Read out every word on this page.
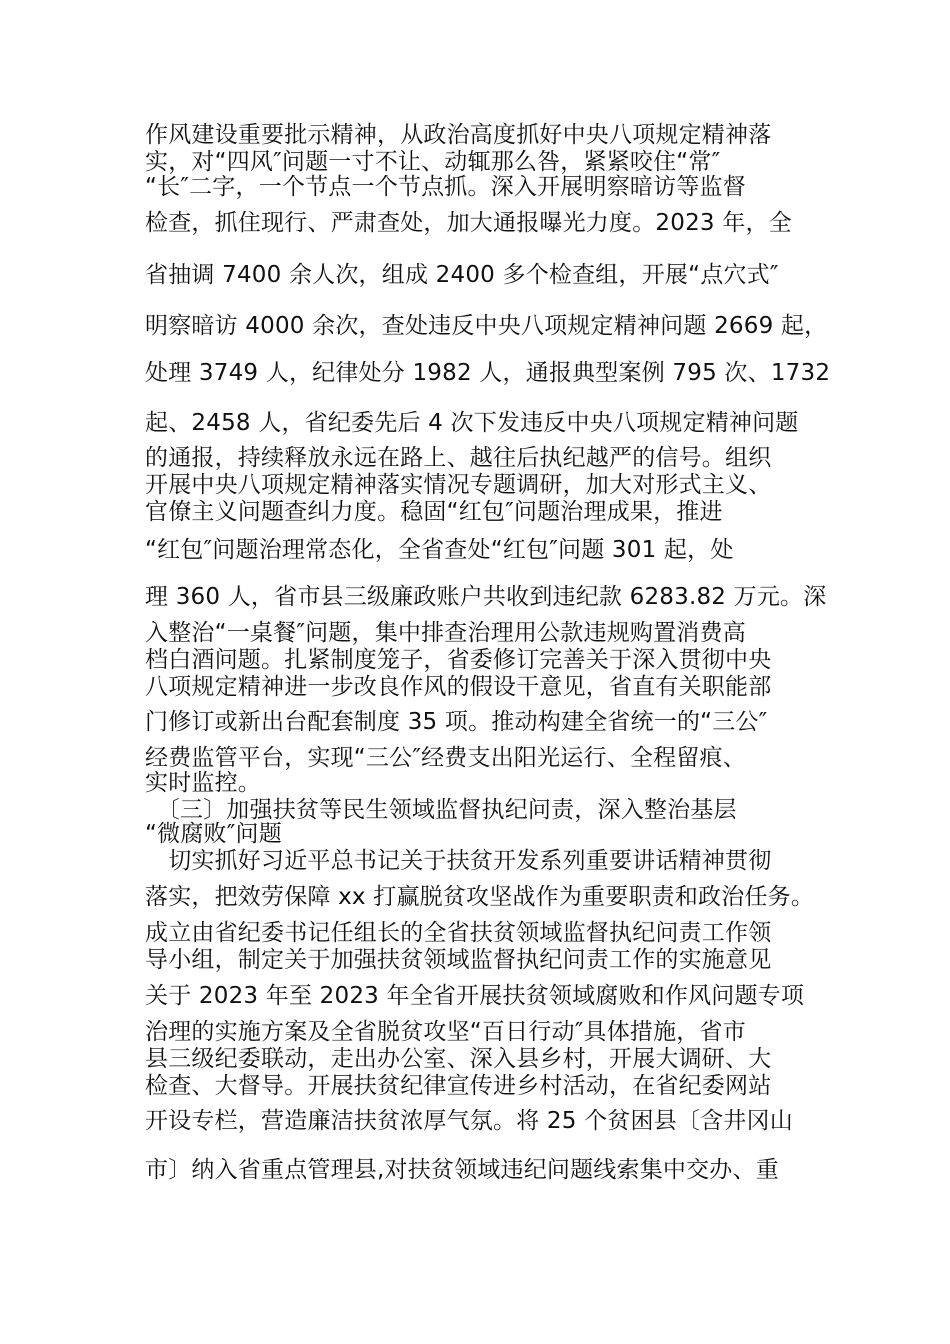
作风建设重要批示精神，从政治高度抓好中央八项规定精神落
实，对“四风″问题一寸不让、动辄那么咎，紧紧咬住“常″
“长″二字，一个节点一个节点抓。深入开展明察暗访等监督
检查，抓住现行、严肃查处，加大通报曝光力度。2023 年，全
省抽调 7400 余人次，组成 2400 多个检查组，开展“点穴式″
明察暗访 4000 余次，查处违反中央八项规定精神问题 2669 起，
处理 3749 人，纪律处分 1982 人，通报典型案例 795 次、1732
起、2458 人，省纪委先后 4 次下发违反中央八项规定精神问题
的通报，持续释放永远在路上、越往后执纪越严的信号。组织
开展中央八项规定精神落实情况专题调研，加大对形式主义、
官僚主义问题查纠力度。稳固“红包″问题治理成果，推进
“红包″问题治理常态化，全省查处“红包″问题 301 起，处
理 360 人，省市县三级廉政账户共收到违纪款 6283.82 万元。深
入整治“一桌餐″问题，集中排查治理用公款违规购置消费高
档白酒问题。扎紧制度笼子，省委修订完善关于深入贯彻中央
八项规定精神进一步改良作风的假设干意见，省直有关职能部
门修订或新出台配套制度 35 项。推动构建全省统一的“三公″
经费监管平台，实现“三公″经费支出阳光运行、全程留痕、
实时监控。
　〔三〕加强扶贫等民生领域监督执纪问责，深入整治基层
“微腐败″问题
　切实抓好习近平总书记关于扶贫开发系列重要讲话精神贯彻
落实，把效劳保障 xx 打赢脱贫攻坚战作为重要职责和政治任务。
成立由省纪委书记任组长的全省扶贫领域监督执纪问责工作领
导小组，制定关于加强扶贫领域监督执纪问责工作的实施意见
关于 2023 年至 2023 年全省开展扶贫领域腐败和作风问题专项
治理的实施方案及全省脱贫攻坚“百日行动″具体措施，省市
县三级纪委联动，走出办公室、深入县乡村，开展大调研、大
检查、大督导。开展扶贫纪律宣传进乡村活动，在省纪委网站
开设专栏，营造廉洁扶贫浓厚气氛。将 25 个贫困县〔含井冈山
市〕纳入省重点管理县,对扶贫领域违纪问题线索集中交办、重
